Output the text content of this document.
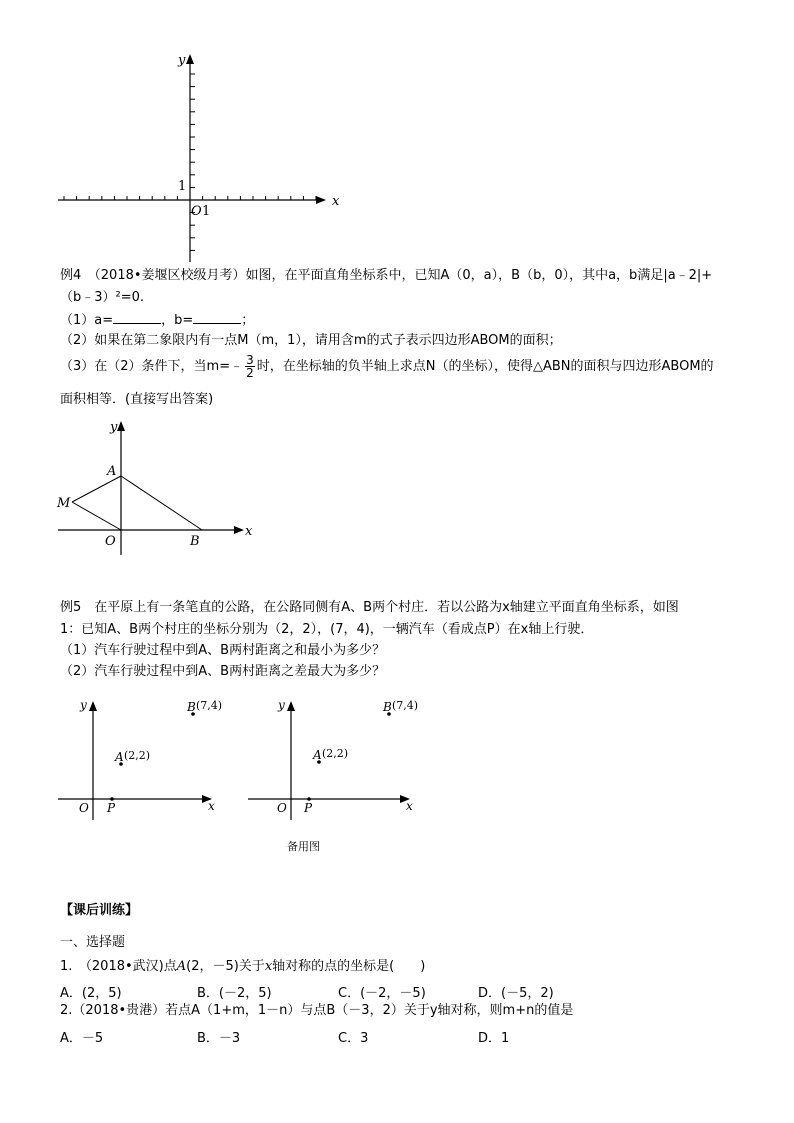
y
x
O 1
1
例4　（2018•姜堰区校级月考）如图，在平面直角坐标系中，已知A（0，a），B（b，0），其中a，b满足|a﹣2|+
（b﹣3）²=0.
（1）a=	，b=	；
（2）如果在第二象限内有一点M（m，1），请用含m的式子表示四边形ABOM的面积；
（3）在（2）条件下，当m=﹣ $\frac{3}{2}$ 时，在坐标轴的负半轴上求点N（的坐标），使得△ABN的面积与四边形ABOM的
面积相等．(直接写出答案)
y
x
A
M
O	B
例5　在平原上有一条笔直的公路，在公路同侧有A、B两个村庄．若以公路为x轴建立平面直角坐标系，如图
1：已知A、B两个村庄的坐标分别为（2，2），(7，4)，一辆汽车（看成点P）在x轴上行驶．
（1）汽车行驶过程中到A、B两村距离之和最小为多少？
（2）汽车行驶过程中到A、B两村距离之差最大为多少？
y
x
O P
A (2,2)
B (7,4)	y
x
O P
A (2,2)
B (7,4)
备用图
【课后训练】
一、选择题
1.　（2018•武汉)点A(2，－5)关于x轴对称的点的坐标是(　　)
A．(2，5)	B．(－2，5)	C．(－2，－5)	D．(－5，2)
2.（2018•贵港）若点A（1+m，1－n）与点B（－3，2）关于y轴对称，则m+n的值是
A．－5	B．－3	C．3	D．1
